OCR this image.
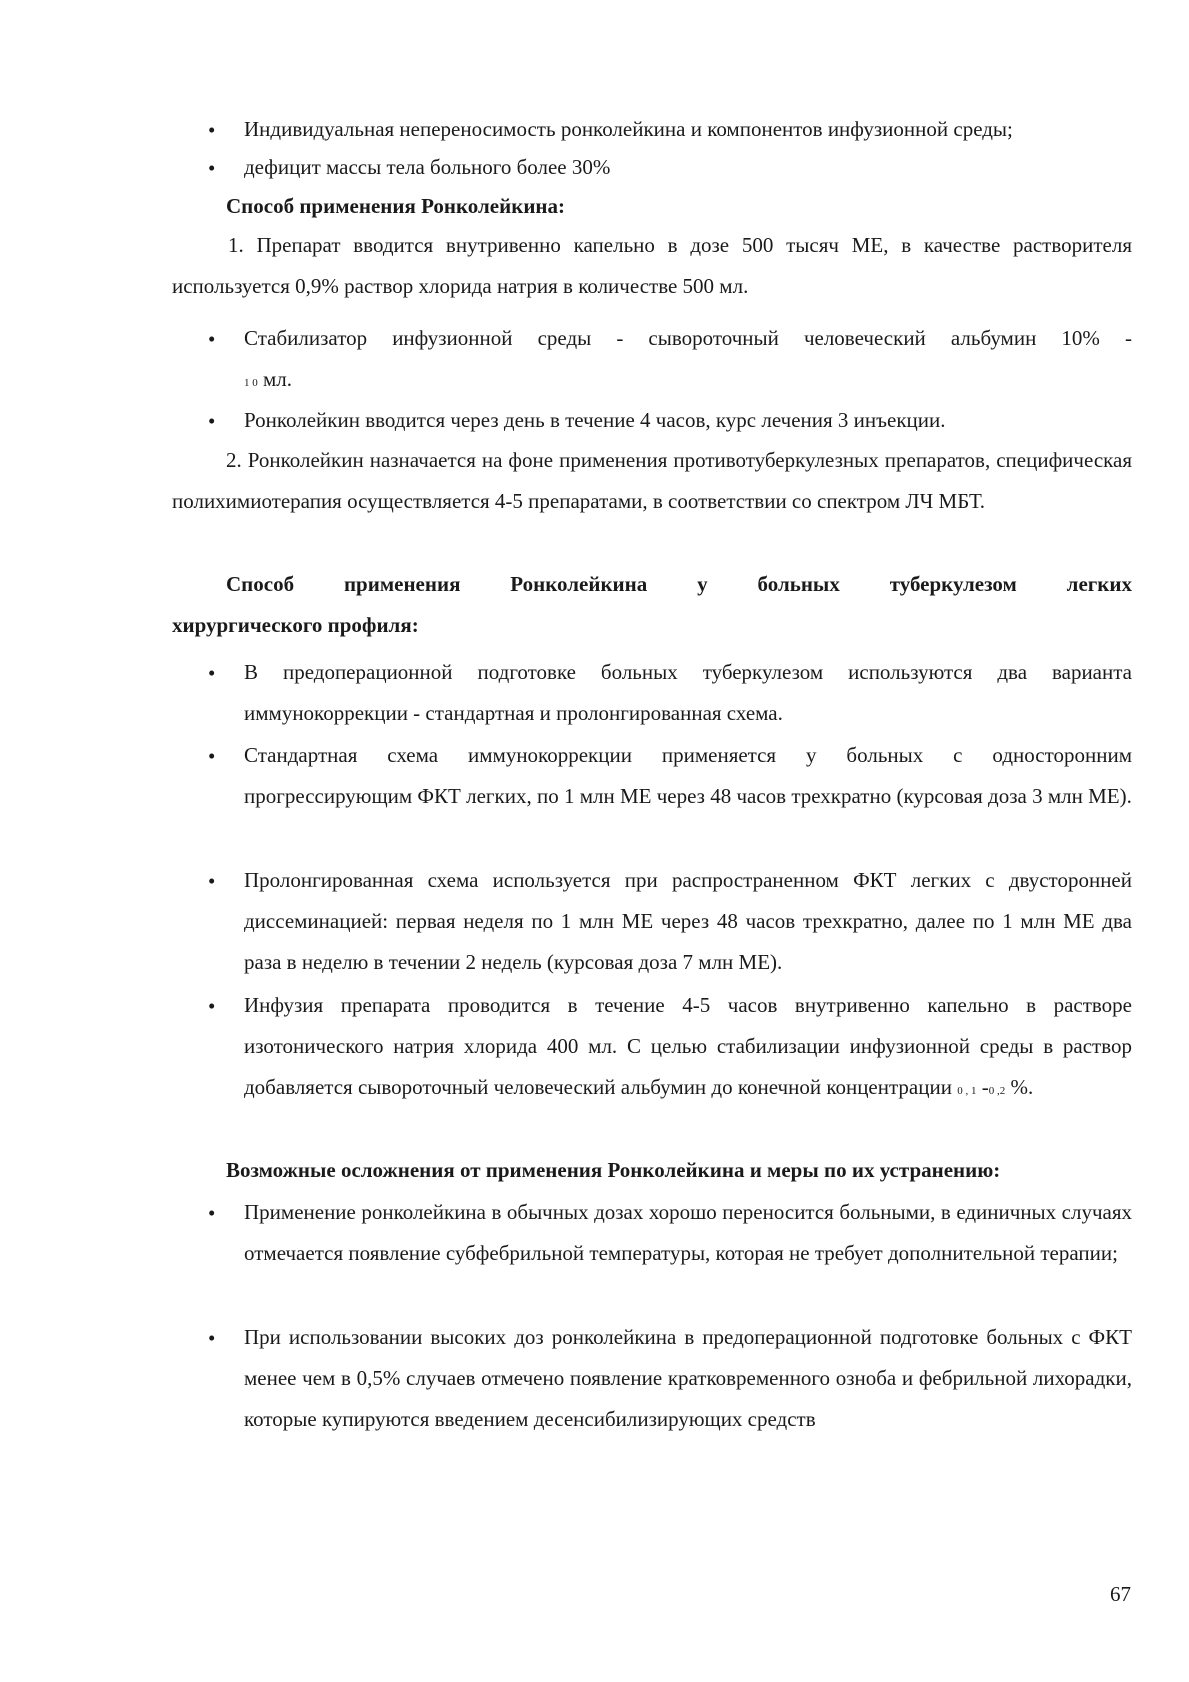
• Индивидуальная непереносимость ронколейкина и компонентов инфузионной среды;
• дефицит массы тела больного более 30%
Способ применения Ронколейкина:
1. Препарат вводится внутривенно капельно в дозе 500 тысяч МЕ, в качестве растворителя используется 0,9% раствор хлорида натрия в количестве 500 мл.
• Стабилизатор инфузионной среды - сывороточный человеческий альбумин 10% -
1 0 мл.
• Ронколейкин вводится через день в течение 4 часов, курс лечения 3 инъекции.
2. Ронколейкин назначается на фоне применения противотуберкулезных препаратов, специфическая полихимиотерапия осуществляется 4-5 препаратами, в соответствии со спектром ЛЧ МБТ.
Способ применения Ронколейкина у больных туберкулезом легких
хирургического профиля:
• В предоперационной подготовке больных туберкулезом используются два варианта иммунокоррекции - стандартная и пролонгированная схема.
• Стандартная схема иммунокоррекции применяется у больных с односторонним прогрессирующим ФКТ легких, по 1 млн МЕ через 48 часов трехкратно (курсовая доза 3 млн МЕ).
• Пролонгированная схема используется при распространенном ФКТ легких с двусторонней диссеминацией: первая неделя по 1 млн МЕ через 48 часов трехкратно, далее по 1 млн МЕ два раза в неделю в течении 2 недель (курсовая доза 7 млн МЕ).
• Инфузия препарата проводится в течение 4-5 часов внутривенно капельно в растворе изотонического натрия хлорида 400 мл. С целью стабилизации инфузионной среды в раствор добавляется сывороточный человеческий альбумин до конечной концентрации 0 , 1 -0 ,2 %.
Возможные осложнения от применения Ронколейкина и меры по их устранению:
• Применение ронколейкина в обычных дозах хорошо переносится больными, в единичных случаях отмечается появление субфебрильной температуры, которая не требует дополнительной терапии;
• При использовании высоких доз ронколейкина в предоперационной подготовке больных с ФКТ менее чем в 0,5% случаев отмечено появление кратковременного озноба и фебрильной лихорадки, которые купируются введением десенсибилизирующих средств
67
